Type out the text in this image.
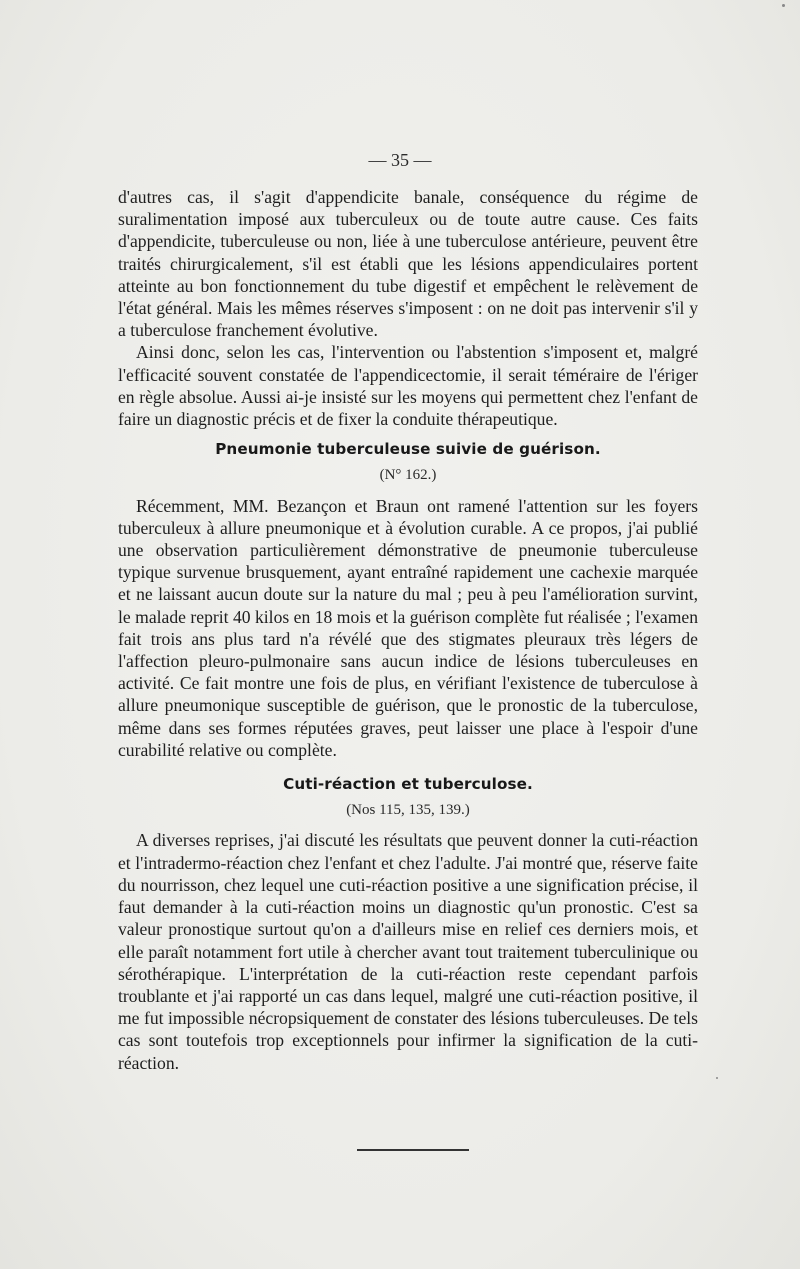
— 35 —

d'autres cas, il s'agit d'appendicite banale, conséquence du régime de suralimentation imposé aux tuberculeux ou de toute autre cause. Ces faits d'appendicite, tuberculeuse ou non, liée à une tuberculose antérieure, peuvent être traités chirurgicalement, s'il est établi que les lésions appendiculaires portent atteinte au bon fonctionnement du tube digestif et empêchent le relèvement de l'état général. Mais les mêmes réserves s'imposent : on ne doit pas intervenir s'il y a tuberculose franchement évolutive.

Ainsi donc, selon les cas, l'intervention ou l'abstention s'imposent et, malgré l'efficacité souvent constatée de l'appendicectomie, il serait téméraire de l'ériger en règle absolue. Aussi ai-je insisté sur les moyens qui permettent chez l'enfant de faire un diagnostic précis et de fixer la conduite thérapeutique.

Pneumonie tuberculeuse suivie de guérison.
(N° 162.)

Récemment, MM. Bezançon et Braun ont ramené l'attention sur les foyers tuberculeux à allure pneumonique et à évolution curable. A ce propos, j'ai publié une observation particulièrement démonstrative de pneumonie tuberculeuse typique survenue brusquement, ayant entraîné rapidement une cachexie marquée et ne laissant aucun doute sur la nature du mal ; peu à peu l'amélioration survint, le malade reprit 40 kilos en 18 mois et la guérison complète fut réalisée ; l'examen fait trois ans plus tard n'a révélé que des stigmates pleuraux très légers de l'affection pleuro-pulmonaire sans aucun indice de lésions tuberculeuses en activité. Ce fait montre une fois de plus, en vérifiant l'existence de tuberculose à allure pneumonique susceptible de guérison, que le pronostic de la tuberculose, même dans ses formes réputées graves, peut laisser une place à l'espoir d'une curabilité relative ou complète.

Cuti-réaction et tuberculose.
(Nos 115, 135, 139.)

A diverses reprises, j'ai discuté les résultats que peuvent donner la cuti-réaction et l'intradermo-réaction chez l'enfant et chez l'adulte. J'ai montré que, réserve faite du nourrisson, chez lequel une cuti-réaction positive a une signification précise, il faut demander à la cuti-réaction moins un diagnostic qu'un pronostic. C'est sa valeur pronostique surtout qu'on a d'ailleurs mise en relief ces derniers mois, et elle paraît notamment fort utile à chercher avant tout traitement tuberculinique ou sérothérapique. L'interprétation de la cuti-réaction reste cependant parfois troublante et j'ai rapporté un cas dans lequel, malgré une cuti-réaction positive, il me fut impossible nécropsiquement de constater des lésions tuberculeuses. De tels cas sont toutefois trop exceptionnels pour infirmer la signification de la cuti-réaction.
